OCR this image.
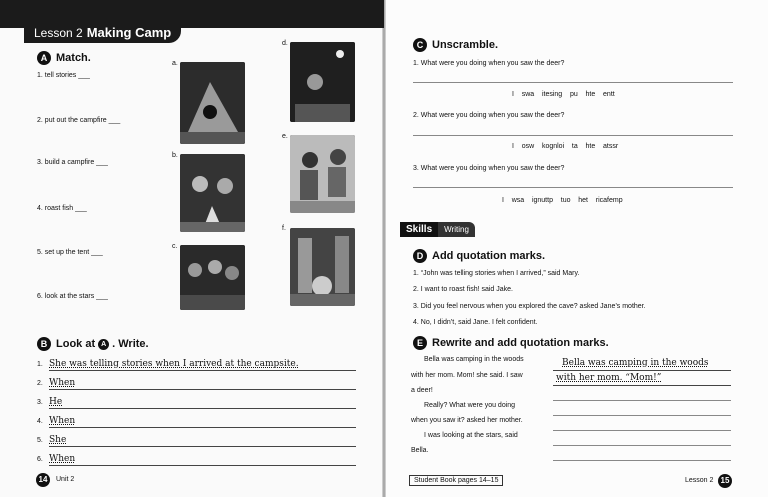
Lesson 2 Making Camp
A Match.
1. tell stories ___
2. put out the campfire ___
3. build a campfire ___
4. roast fish ___
5. set up the tent ___
6. look at the stars ___
a.
b.
c.
d.
e.
f.
B Look at A . Write.
1. She was telling stories when I arrived at the campsite.
2. When
3. He
4. When
5. She
6. When
14	Unit 2
C Unscramble.
1. What were you doing when you saw the deer?
I    swa    itesing    pu    hte    entt
2. What were you doing when you saw the deer?
I    osw    kognloi    ta    hte    atssr
3. What were you doing when you saw the deer?
I    wsa    ignuttp    tuo    het    ricafemp
Skills	Writing
D Add quotation marks.
1. “John was telling stories when I arrived,” said Mary.
2. I want to roast fish! said Jake.
3. Did you feel nervous when you explored the cave? asked Jane’s mother.
4. No, I didn’t, said Jane. I felt confident.
E Rewrite and add quotation marks.
Bella was camping in the woods
with her mom. Mom! she said. I saw
a deer!
Really? What were you doing
when you saw it? asked her mother.
I was looking at the stars, said
Bella.
Bella was camping in the woods
with her mom. “Mom!”
Student Book pages 14–15	Lesson 2 15
